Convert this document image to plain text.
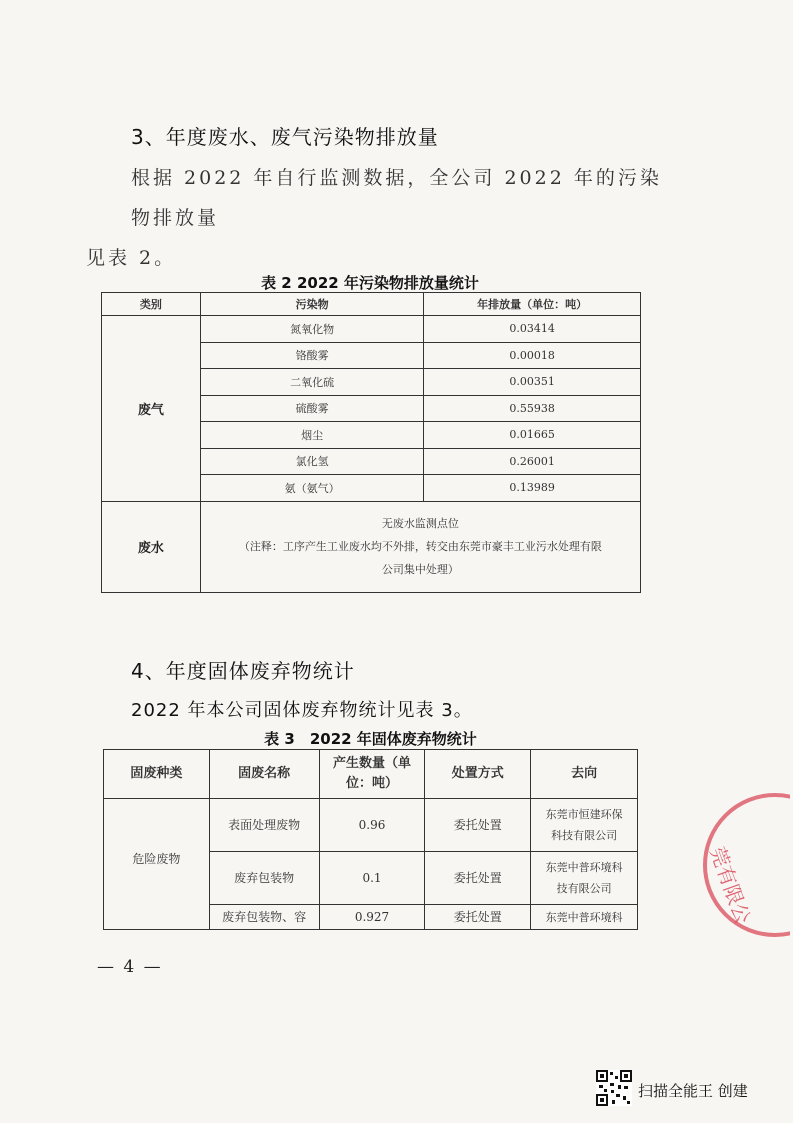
3、年度废水、废气污染物排放量
根据 2022 年自行监测数据，全公司 2022 年的污染物排放量
见表 2。
表 2 2022 年污染物排放量统计
类别	污染物	年排放量（单位：吨）
废气	氮氧化物	0.03414
	铬酸雾	0.00018
	二氧化硫	0.00351
	硫酸雾	0.55938
	烟尘	0.01665
	氯化氢	0.26001
	氨（氨气）	0.13989
废水	无废水监测点位
（注释：工序产生工业废水均不外排，转交由东莞市豪丰工业污水处理有限
公司集中处理）	
4、年度固体废弃物统计
2022 年本公司固体废弃物统计见表 3。
表 3　2022 年固体废弃物统计
固废种类	固废名称	产生数量（单
位：吨）	处置方式	去向
危险废物	表面处理废物	0.96	委托处置	东莞市恒建环保
科技有限公司

	废弃包装物	0.1	委托处置	东莞中普环境科
技有限公司

	废弃包装物、容	0.927	委托处置	东莞中普环境科
— 4 —
莞有限公
扫描全能王 创建
